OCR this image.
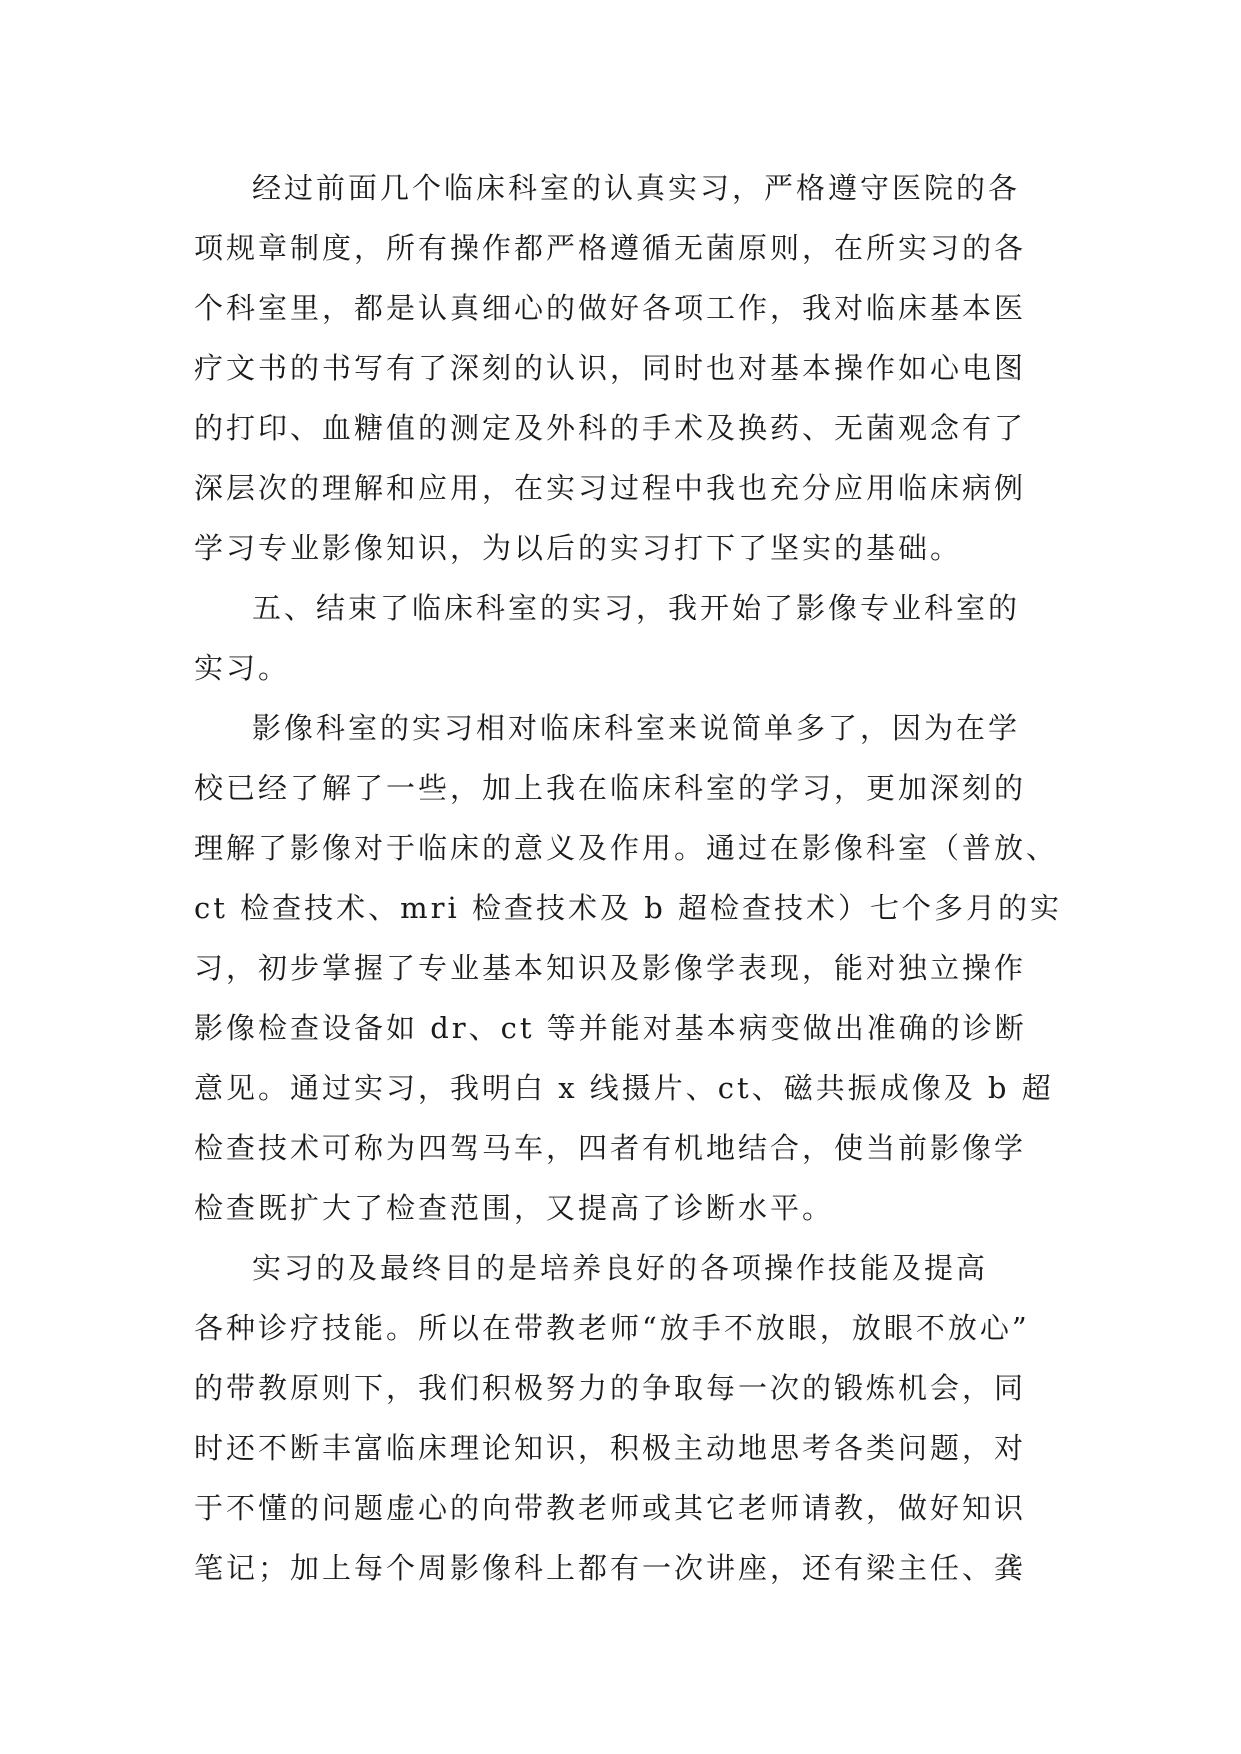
经过前面几个临床科室的认真实习，严格遵守医院的各
项规章制度，所有操作都严格遵循无菌原则，在所实习的各
个科室里，都是认真细心的做好各项工作，我对临床基本医
疗文书的书写有了深刻的认识，同时也对基本操作如心电图
的打印、血糖值的测定及外科的手术及换药、无菌观念有了
深层次的理解和应用，在实习过程中我也充分应用临床病例
学习专业影像知识，为以后的实习打下了坚实的基础。

五、结束了临床科室的实习，我开始了影像专业科室的
实习。

影像科室的实习相对临床科室来说简单多了，因为在学
校已经了解了一些，加上我在临床科室的学习，更加深刻的
理解了影像对于临床的意义及作用。通过在影像科室（普放、
ct 检查技术、mri 检查技术及 b 超检查技术）七个多月的实
习，初步掌握了专业基本知识及影像学表现，能对独立操作
影像检查设备如 dr、ct 等并能对基本病变做出准确的诊断
意见。通过实习，我明白 x 线摄片、ct、磁共振成像及 b 超
检查技术可称为四驾马车，四者有机地结合，使当前影像学
检查既扩大了检查范围，又提高了诊断水平。

实习的及最终目的是培养良好的各项操作技能及提高
各种诊疗技能。所以在带教老师“放手不放眼，放眼不放心”
的带教原则下，我们积极努力的争取每一次的锻炼机会，同
时还不断丰富临床理论知识，积极主动地思考各类问题，对
于不懂的问题虚心的向带教老师或其它老师请教，做好知识
笔记；加上每个周影像科上都有一次讲座，还有梁主任、龚
